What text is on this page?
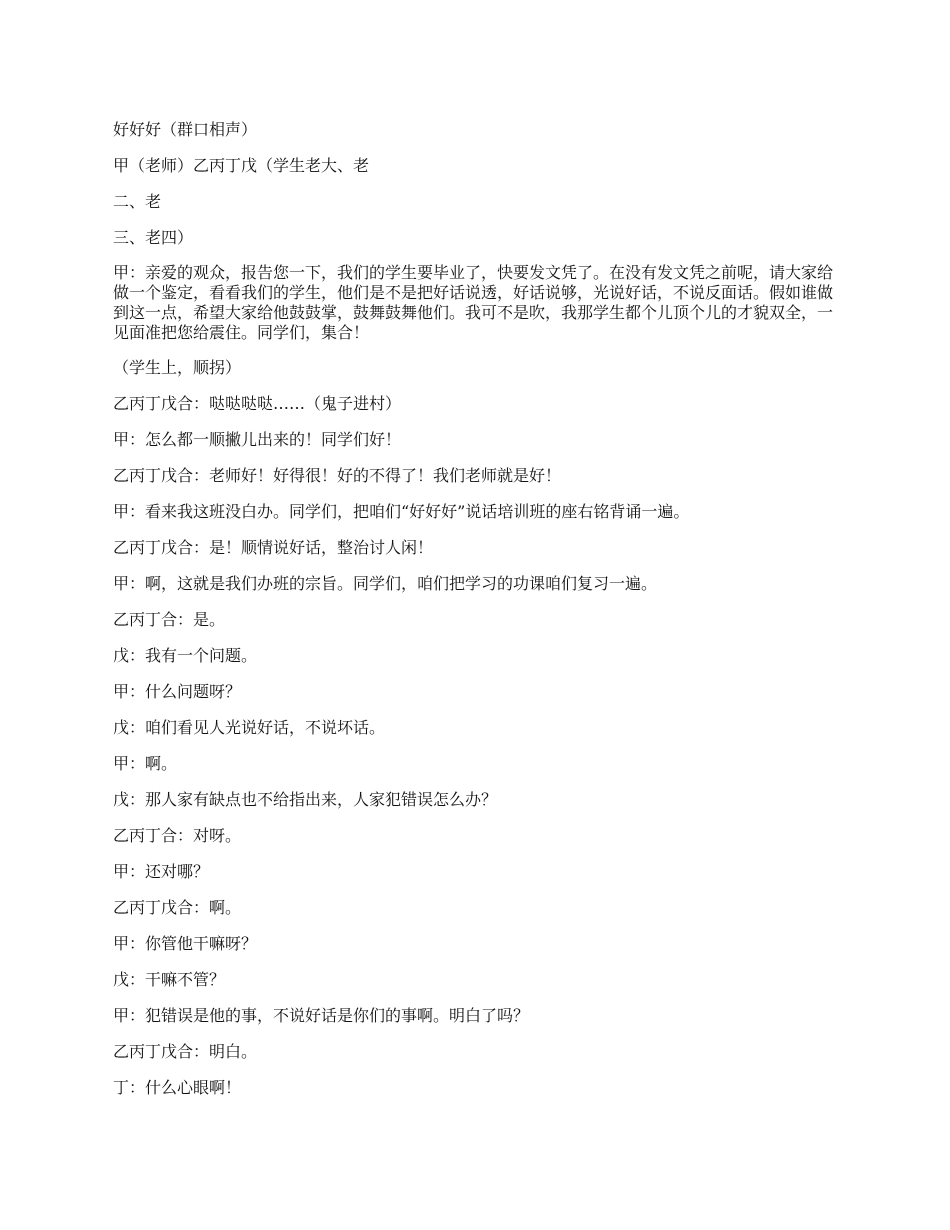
好好好（群口相声）

甲（老师）乙丙丁戊（学生老大、老

二、老

三、老四）

甲：亲爱的观众，报告您一下，我们的学生要毕业了，快要发文凭了。在没有发文凭之前呢，请大家给做一个鉴定，看看我们的学生，他们是不是把好话说透，好话说够，光说好话，不说反面话。假如谁做到这一点，希望大家给他鼓鼓掌，鼓舞鼓舞他们。我可不是吹，我那学生都个儿顶个儿的才貌双全，一见面准把您给震住。同学们，集合！

（学生上，顺拐）

乙丙丁戊合：哒哒哒哒……（鬼子进村）

甲：怎么都一顺撇儿出来的！同学们好！

乙丙丁戊合：老师好！好得很！好的不得了！我们老师就是好！

甲：看来我这班没白办。同学们，把咱们“好好好”说话培训班的座右铭背诵一遍。

乙丙丁戊合：是！顺情说好话，整治讨人闲！

甲：啊，这就是我们办班的宗旨。同学们，咱们把学习的功课咱们复习一遍。

乙丙丁合：是。

戊：我有一个问题。

甲：什么问题呀？

戊：咱们看见人光说好话，不说坏话。

甲：啊。

戊：那人家有缺点也不给指出来，人家犯错误怎么办？

乙丙丁合：对呀。

甲：还对哪？

乙丙丁戊合：啊。

甲：你管他干嘛呀？

戊：干嘛不管？

甲：犯错误是他的事，不说好话是你们的事啊。明白了吗？

乙丙丁戊合：明白。

丁：什么心眼啊！
